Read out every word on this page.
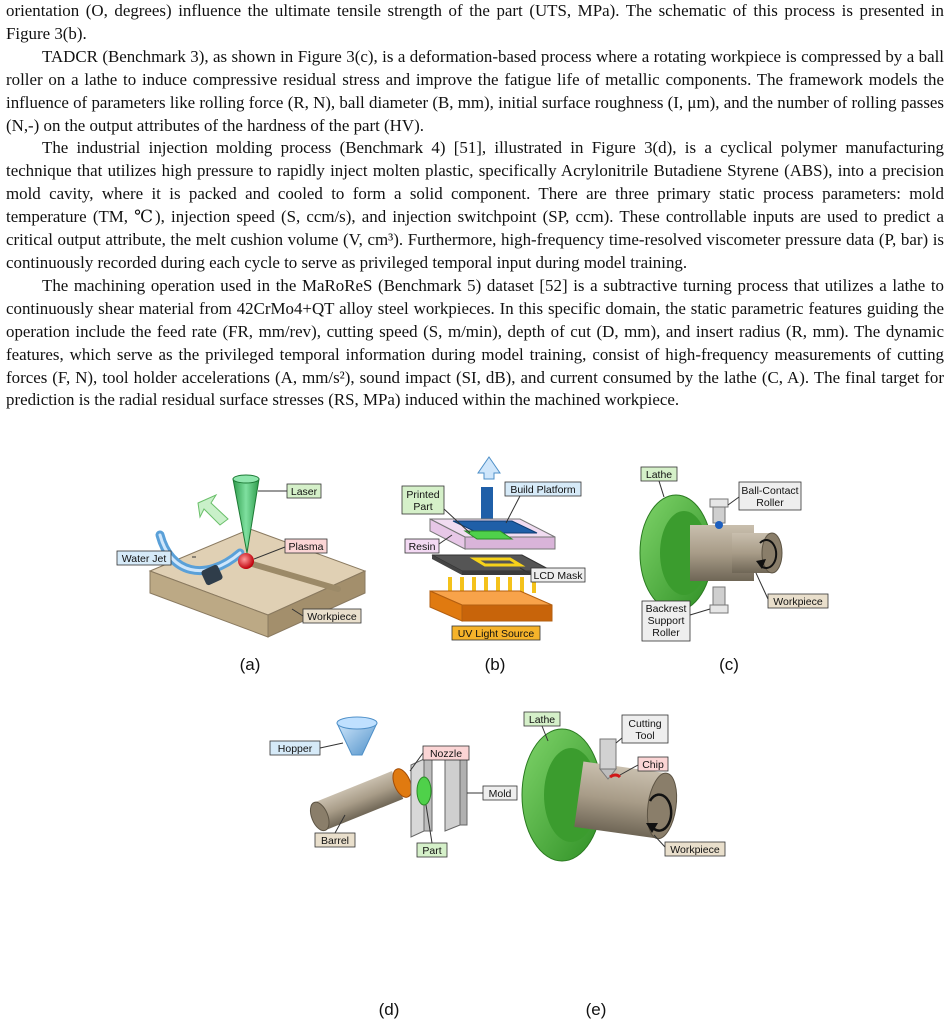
orientation (O, degrees) influence the ultimate tensile strength of the part (UTS, MPa). The schematic of this process is presented in Figure 3(b).

TADCR (Benchmark 3), as shown in Figure 3(c), is a deformation-based process where a rotating workpiece is compressed by a ball roller on a lathe to induce compressive residual stress and improve the fatigue life of metallic components. The framework models the influence of parameters like rolling force (R, N), ball diameter (B, mm), initial surface roughness (I, μm), and the number of rolling passes (N,-) on the output attributes of the hardness of the part (HV).

The industrial injection molding process (Benchmark 4) [51], illustrated in Figure 3(d), is a cyclical polymer manufacturing technique that utilizes high pressure to rapidly inject molten plastic, specifically Acrylonitrile Butadiene Styrene (ABS), into a precision mold cavity, where it is packed and cooled to form a solid component. There are three primary static process parameters: mold temperature (TM, ℃), injection speed (S, ccm/s), and injection switchpoint (SP, ccm). These controllable inputs are used to predict a critical output attribute, the melt cushion volume (V, cm³). Furthermore, high-frequency time-resolved viscometer pressure data (P, bar) is continuously recorded during each cycle to serve as privileged temporal input during model training.

The machining operation used in the MaRoReS (Benchmark 5) dataset [52] is a subtractive turning process that utilizes a lathe to continuously shear material from 42CrMo4+QT alloy steel workpieces. In this specific domain, the static parametric features guiding the operation include the feed rate (FR, mm/rev), cutting speed (S, m/min), depth of cut (D, mm), and insert radius (R, mm). The dynamic features, which serve as the privileged temporal information during model training, consist of high-frequency measurements of cutting forces (F, N), tool holder accelerations (A, mm/s²), sound impact (SI, dB), and current consumed by the lathe (C, A). The final target for prediction is the radial residual surface stresses (RS, MPa) induced within the machined workpiece.

Water Jet
Laser
Plasma
Workpiece
(a)
Printed
Part
Build Platform
Resin
LCD Mask
UV Light Source
(b)
Lathe
Ball-Contact
Roller
Backrest
Support
Roller
Workpiece
(c)
Hopper	Nozzle
Mold
Barrel
Part
(d)
Lathe	Cutting
Tool
Chip
Workpiece
(e)
